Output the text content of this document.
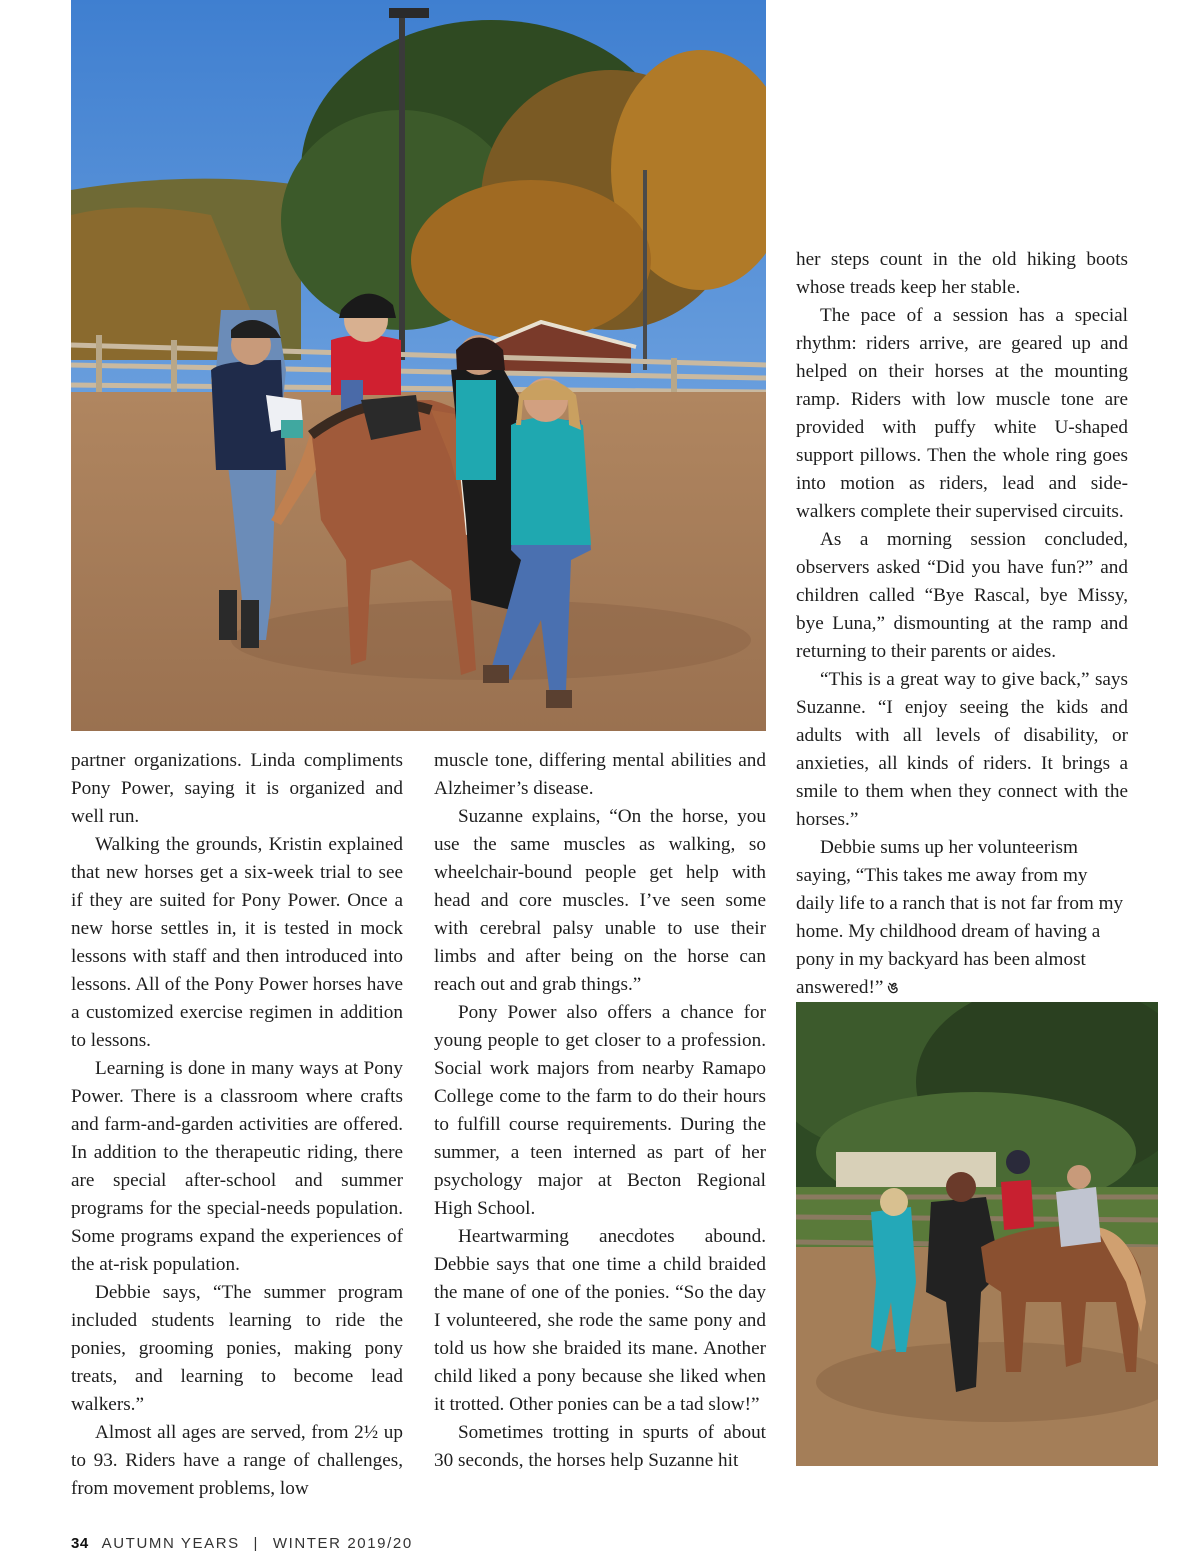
partner organizations. Linda compliments Pony Power, saying it is organized and well run.

Walking the grounds, Kristin explained that new horses get a six-week trial to see if they are suited for Pony Power. Once a new horse settles in, it is tested in mock lessons with staff and then introduced into lessons. All of the Pony Power horses have a customized exercise regimen in addition to lessons.

Learning is done in many ways at Pony Power. There is a classroom where crafts and farm-and-garden activities are offered. In addition to the therapeutic riding, there are special after-school and summer programs for the special-needs population. Some programs expand the experiences of the at-risk population.

Debbie says, “The summer program included students learning to ride the ponies, grooming ponies, making pony treats, and learning to become lead walkers.”

Almost all ages are served, from 2½ up to 93. Riders have a range of challenges, from movement problems, low

muscle tone, differing mental abilities and Alzheimer’s disease.

Suzanne explains, “On the horse, you use the same muscles as walking, so wheelchair-bound people get help with head and core muscles. I’ve seen some with cerebral palsy unable to use their limbs and after being on the horse can reach out and grab things.”

Pony Power also offers a chance for young people to get closer to a profession. Social work majors from nearby Ramapo College come to the farm to do their hours to fulfill course requirements. During the summer, a teen interned as part of her psychology major at Becton Regional High School.

Heartwarming anecdotes abound. Debbie says that one time a child braided the mane of one of the ponies. “So the day I volunteered, she rode the same pony and told us how she braided its mane. Another child liked a pony because she liked when it trotted. Other ponies can be a tad slow!”

Sometimes trotting in spurts of about 30 seconds, the horses help Suzanne hit

her steps count in the old hiking boots whose treads keep her stable.

The pace of a session has a special rhythm: riders arrive, are geared up and helped on their horses at the mounting ramp. Riders with low muscle tone are provided with puffy white U-shaped support pillows. Then the whole ring goes into motion as riders, lead and side-walkers complete their supervised circuits.

As a morning session concluded, observers asked “Did you have fun?” and children called “Bye Rascal, bye Missy, bye Luna,” dismounting at the ramp and returning to their parents or aides.

“This is a great way to give back,” says Suzanne. “I enjoy seeing the kids and adults with all levels of disability, or anxieties, all kinds of riders. It brings a smile to them when they connect with the horses.”

Debbie sums up her volunteerism saying, “This takes me away from my daily life to a ranch that is not far from my home. My childhood dream of having a pony in my backyard has been almost answered!” ঙ

34 AUTUMN YEARS | WINTER 2019/20
